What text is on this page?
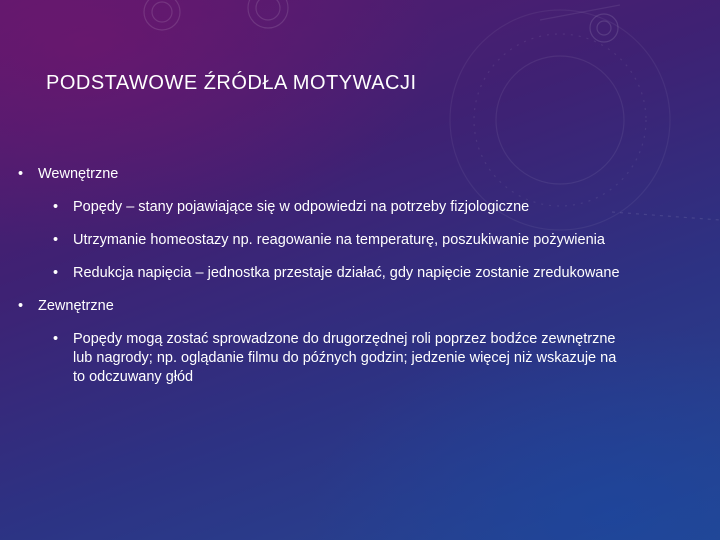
PODSTAWOWE ŹRÓDŁA MOTYWACJI
• Wewnętrzne
• Popędy – stany pojawiające się w odpowiedzi na potrzeby fizjologiczne
• Utrzymanie homeostazy np. reagowanie na temperaturę, poszukiwanie pożywienia
• Redukcja napięcia – jednostka przestaje działać, gdy napięcie zostanie zredukowane
• Zewnętrzne
• Popędy mogą zostać sprowadzone do drugorzędnej roli poprzez bodźce zewnętrzne lub nagrody; np. oglądanie filmu do późnych godzin; jedzenie więcej niż wskazuje na to odczuwany głód
